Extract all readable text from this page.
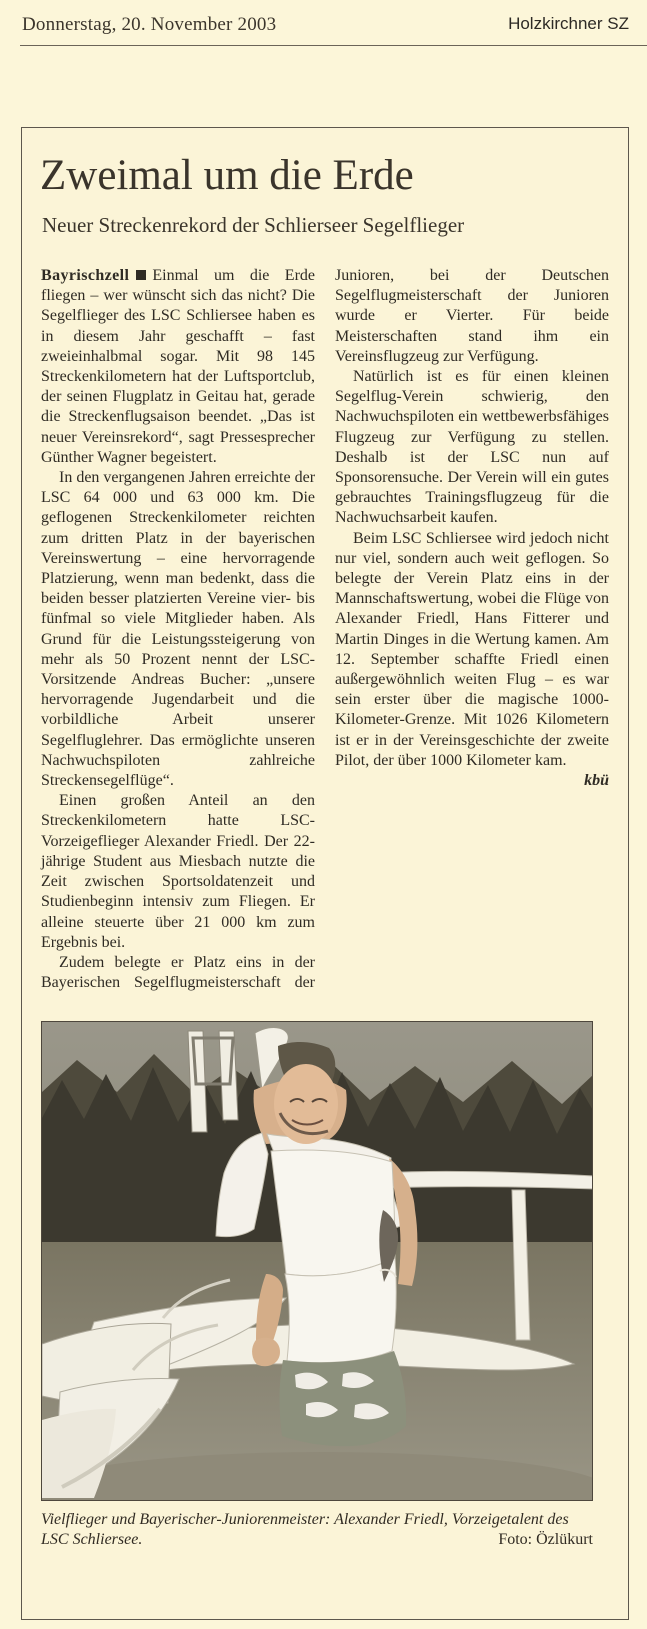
Donnerstag, 20. November 2003	Holzkirchner SZ
Zweimal um die Erde
Neuer Streckenrekord der Schlierseer Segelflieger

Bayrischzell Einmal um die Erde fliegen – wer wünscht sich das nicht? Die Segelflieger des LSC Schliersee haben es in diesem Jahr geschafft – fast zweieinhalbmal sogar. Mit 98 145 Streckenkilometern hat der Luftsportclub, der seinen Flugplatz in Geitau hat, gerade die Streckenflugsaison beendet. „Das ist neuer Vereinsrekord“, sagt Pressesprecher Günther Wagner begeistert.

In den vergangenen Jahren erreichte der LSC 64 000 und 63 000 km. Die geflogenen Streckenkilometer reichten zum dritten Platz in der bayerischen Vereinswertung – eine hervorragende Platzierung, wenn man bedenkt, dass die beiden besser platzierten Vereine vier- bis fünfmal so viele Mitglieder haben. Als Grund für die Leistungssteigerung von mehr als 50 Prozent nennt der LSC-Vorsitzende Andreas Bucher: „unsere hervorragende Jugendarbeit und die vorbildliche Arbeit unserer Segelfluglehrer. Das ermöglichte unseren Nachwuchspiloten zahlreiche Streckensegelflüge“.

Einen großen Anteil an den Streckenkilometern hatte LSC-Vorzeigeflieger Alexander Friedl. Der 22-jährige Student aus Miesbach nutzte die Zeit zwischen Sportsoldatenzeit und Studienbeginn intensiv zum Fliegen. Er alleine steuerte über 21 000 km zum Ergebnis bei.

Zudem belegte er Platz eins in der Bayerischen Segelflugmeisterschaft der Junioren, bei der Deutschen Segelflugmeisterschaft der Junioren wurde er Vierter. Für beide Meisterschaften stand ihm ein Vereinsflugzeug zur Verfügung.

Natürlich ist es für einen kleinen Segelflug-Verein schwierig, den Nachwuchspiloten ein wettbewerbsfähiges Flugzeug zur Verfügung zu stellen. Deshalb ist der LSC nun auf Sponsorensuche. Der Verein will ein gutes gebrauchtes Trainingsflugzeug für die Nachwuchsarbeit kaufen.

Beim LSC Schliersee wird jedoch nicht nur viel, sondern auch weit geflogen. So belegte der Verein Platz eins in der Mannschaftswertung, wobei die Flüge von Alexander Friedl, Hans Fitterer und Martin Dinges in die Wertung kamen. Am 12. September schaffte Friedl einen außergewöhnlich weiten Flug – es war sein erster über die magische 1000-Kilometer-Grenze. Mit 1026 Kilometern ist er in der Vereinsgeschichte der zweite Pilot, der über 1000 Kilometer kam.
kbü

Vielflieger und Bayerischer-Juniorenmeister: Alexander Friedl, Vorzeigetalent des LSC Schliersee.	Foto: Özlükurt
